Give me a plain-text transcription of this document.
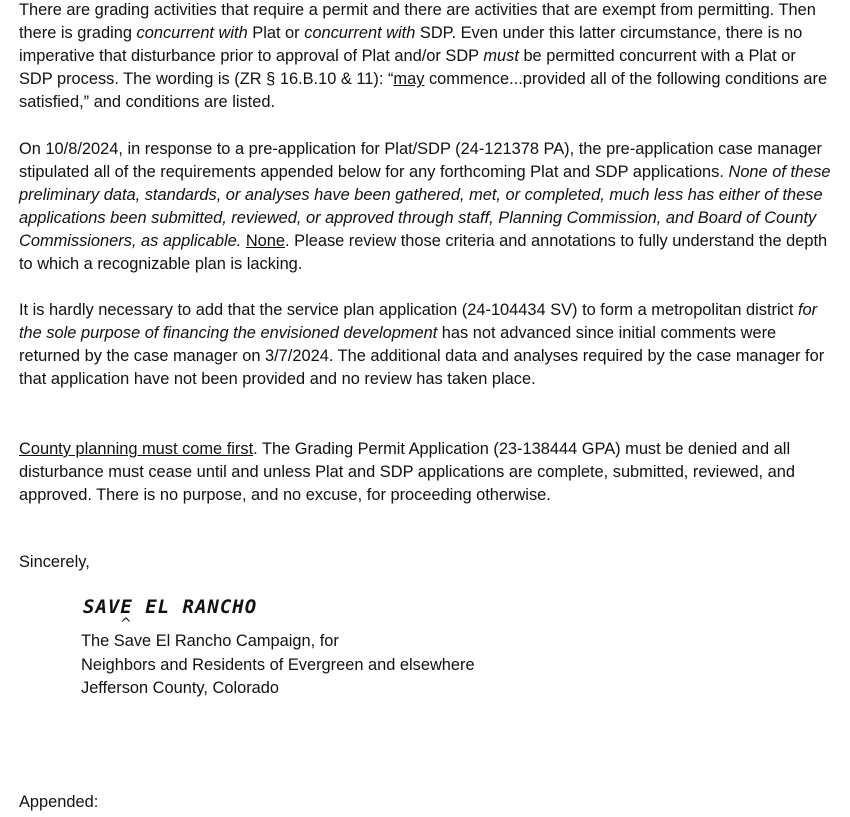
There are grading activities that require a permit and there are activities that are exempt from permitting. Then there is grading concurrent with Plat or concurrent with SDP. Even under this latter circumstance, there is no imperative that disturbance prior to approval of Plat and/or SDP must be permitted concurrent with a Plat or SDP process. The wording is (ZR § 16.B.10 & 11): “may commence...provided all of the following conditions are satisfied,” and conditions are listed.

On 10/8/2024, in response to a pre-application for Plat/SDP (24-121378 PA), the pre-application case manager stipulated all of the requirements appended below for any forthcoming Plat and SDP applications. None of these preliminary data, standards, or analyses have been gathered, met, or completed, much less has either of these applications been submitted, reviewed, or approved through staff, Planning Commission, and Board of County Commissioners, as applicable. None. Please review those criteria and annotations to fully understand the depth to which a recognizable plan is lacking.

It is hardly necessary to add that the service plan application (24-104434 SV) to form a metropolitan district for the sole purpose of financing the envisioned development has not advanced since initial comments were returned by the case manager on 3/7/2024. The additional data and analyses required by the case manager for that application have not been provided and no review has taken place.

County planning must come first. The Grading Permit Application (23-138444 GPA) must be denied and all disturbance must cease until and unless Plat and SDP applications are complete, submitted, reviewed, and approved. There is no purpose, and no excuse, for proceeding otherwise.

Sincerely,
SAVE EL RANCHO
^
The Save El Rancho Campaign, for
Neighbors and Residents of Evergreen and elsewhere
Jefferson County, Colorado
Appended:
